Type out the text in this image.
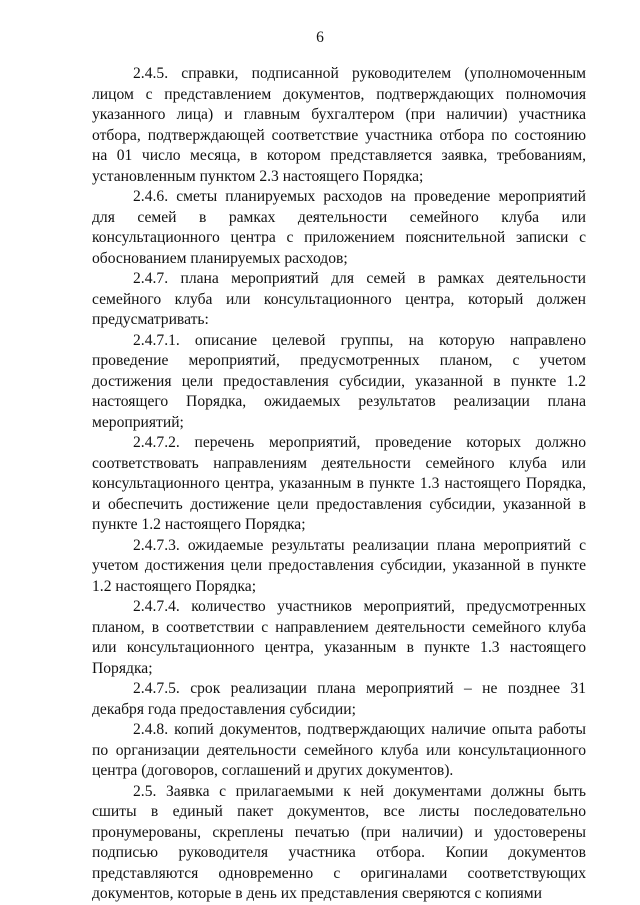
6

2.4.5. справки, подписанной руководителем (уполномоченным лицом с представлением документов, подтверждающих полномочия указанного лица) и главным бухгалтером (при наличии) участника отбора, подтверждающей соответствие участника отбора по состоянию на 01 число месяца, в котором представляется заявка, требованиям, установленным пунктом 2.3 настоящего Порядка;

2.4.6. сметы планируемых расходов на проведение мероприятий для семей в рамках деятельности семейного клуба или консультационного центра с приложением пояснительной записки с обоснованием планируемых расходов;

2.4.7. плана мероприятий для семей в рамках деятельности семейного клуба или консультационного центра, который должен предусматривать:

2.4.7.1. описание целевой группы, на которую направлено проведение мероприятий, предусмотренных планом, с учетом достижения цели предоставления субсидии, указанной в пункте 1.2 настоящего Порядка, ожидаемых результатов реализации плана мероприятий;

2.4.7.2. перечень мероприятий, проведение которых должно соответствовать направлениям деятельности семейного клуба или консультационного центра, указанным в пункте 1.3 настоящего Порядка, и обеспечить достижение цели предоставления субсидии, указанной в пункте 1.2 настоящего Порядка;

2.4.7.3. ожидаемые результаты реализации плана мероприятий с учетом достижения цели предоставления субсидии, указанной в пункте 1.2 настоящего Порядка;

2.4.7.4. количество участников мероприятий, предусмотренных планом, в соответствии с направлением деятельности семейного клуба или консультационного центра, указанным в пункте 1.3 настоящего Порядка;

2.4.7.5. срок реализации плана мероприятий – не позднее 31 декабря года предоставления субсидии;

2.4.8. копий документов, подтверждающих наличие опыта работы по организации деятельности семейного клуба или консультационного центра (договоров, соглашений и других документов).

2.5. Заявка с прилагаемыми к ней документами должны быть сшиты в единый пакет документов, все листы последовательно пронумерованы, скреплены печатью (при наличии) и удостоверены подписью руководителя участника отбора. Копии документов представляются одновременно с оригиналами соответствующих документов, которые в день их представления сверяются с копиями
